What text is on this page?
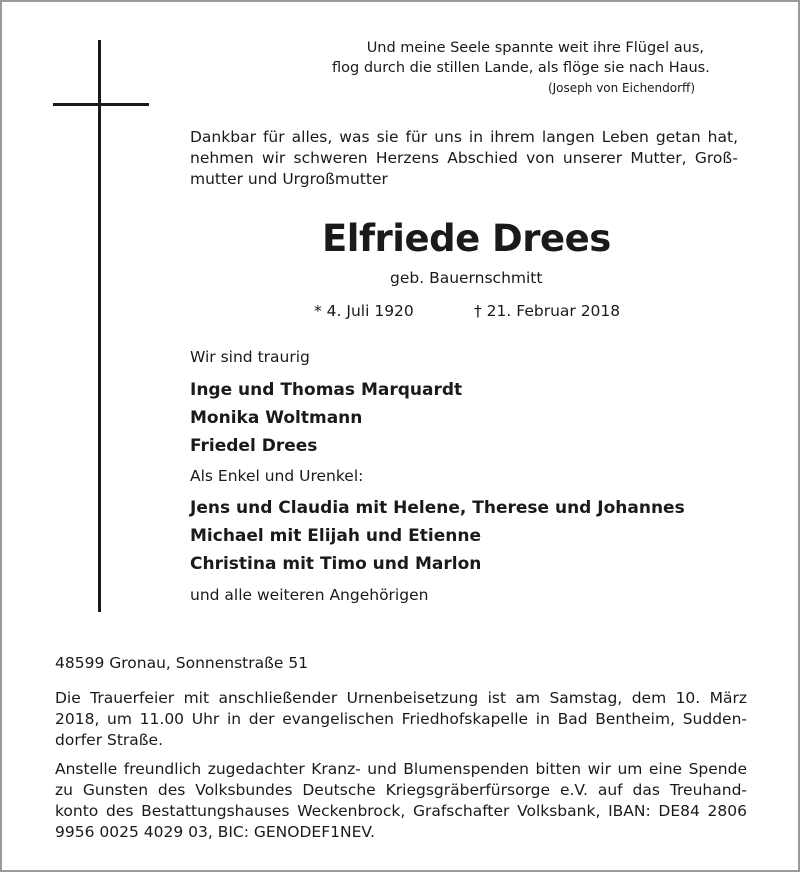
Und meine Seele spannte weit ihre Flügel aus,
flog durch die stillen Lande, als flöge sie nach Haus.
(Joseph von Eichendorff)
Dankbar für alles, was sie für uns in ihrem langen Leben getan hat,
nehmen wir schweren Herzens Abschied von unserer Mutter, Groß-
mutter und Urgroßmutter
Elfriede Drees
geb. Bauernschmitt
* 4. Juli 1920	† 21. Februar 2018
Wir sind traurig
Inge und Thomas Marquardt
Monika Woltmann
Friedel Drees
Als Enkel und Urenkel:
Jens und Claudia mit Helene, Therese und Johannes
Michael mit Elijah und Etienne
Christina mit Timo und Marlon
und alle weiteren Angehörigen
48599 Gronau, Sonnenstraße 51
Die Trauerfeier mit anschließender Urnenbeisetzung ist am Samstag, dem 10. März
2018, um 11.00 Uhr in der evangelischen Friedhofskapelle in Bad Bentheim, Sudden-
dorfer Straße.
Anstelle freundlich zugedachter Kranz- und Blumenspenden bitten wir um eine Spende
zu Gunsten des Volksbundes Deutsche Kriegsgräberfürsorge e.V. auf das Treuhand-
konto des Bestattungshauses Weckenbrock, Grafschafter Volksbank, IBAN: DE84 2806
9956 0025 4029 03, BIC: GENODEF1NEV.
